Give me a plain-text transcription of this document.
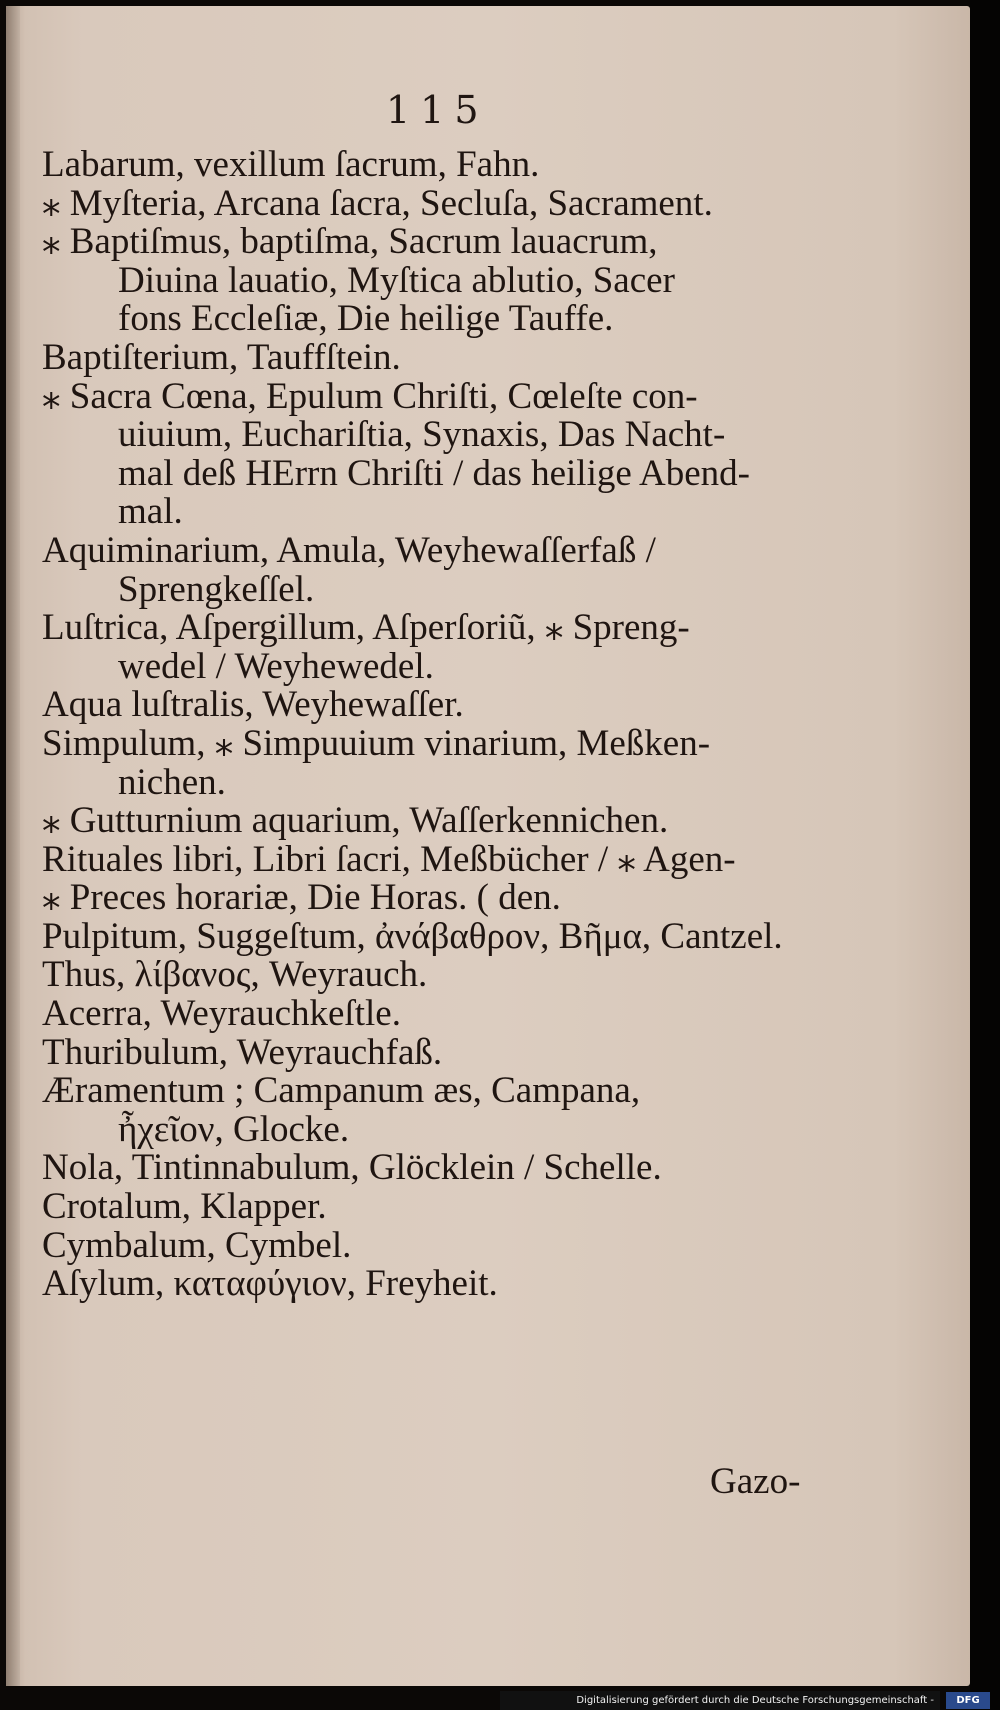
115
Labarum, vexillum ſacrum, Fahn.
⁎ Myſteria, Arcana ſacra, Secluſa, Sacrament.
⁎ Baptiſmus, baptiſma, Sacrum lauacrum,
Diuina lauatio, Myſtica ablutio, Sacer
fons Eccleſiæ, Die heilige Tauffe.
Baptiſterium, Tauffſtein.
⁎ Sacra Cœna, Epulum Chriſti, Cœleſte con-
uiuium, Euchariſtia, Synaxis, Das Nacht-
mal deß HErrn Chriſti / das heilige Abend-
mal.
Aquiminarium, Amula, Weyhewaſſerfaß /
Sprengkeſſel.
Luſtrica, Aſpergillum, Aſperſoriũ, ⁎ Spreng-
wedel / Weyhewedel.
Aqua luſtralis, Weyhewaſſer.
Simpulum, ⁎ Simpuuium vinarium, Meßken-
nichen.
⁎ Gutturnium aquarium, Waſſerkennichen.
Rituales libri, Libri ſacri, Meßbücher / ⁎ Agen-
⁎ Preces horariæ, Die Horas. ( den.
Pulpitum, Suggeſtum, ἀνάβαθρον, Βῆμα, Cantzel.
Thus, λίβανος, Weyrauch.
Acerra, Weyrauchkeſtle.
Thuribulum, Weyrauchfaß.
Æramentum ; Campanum æs, Campana,
ἦχεῖον, Glocke.
Nola, Tintinnabulum, Glöcklein / Schelle.
Crotalum, Klapper.
Cymbalum, Cymbel.
Aſylum, καταφύγιον, Freyheit.
Gazo-
Digitalisierung gefördert durch die Deutsche Forschungsgemeinschaft -	DFG
